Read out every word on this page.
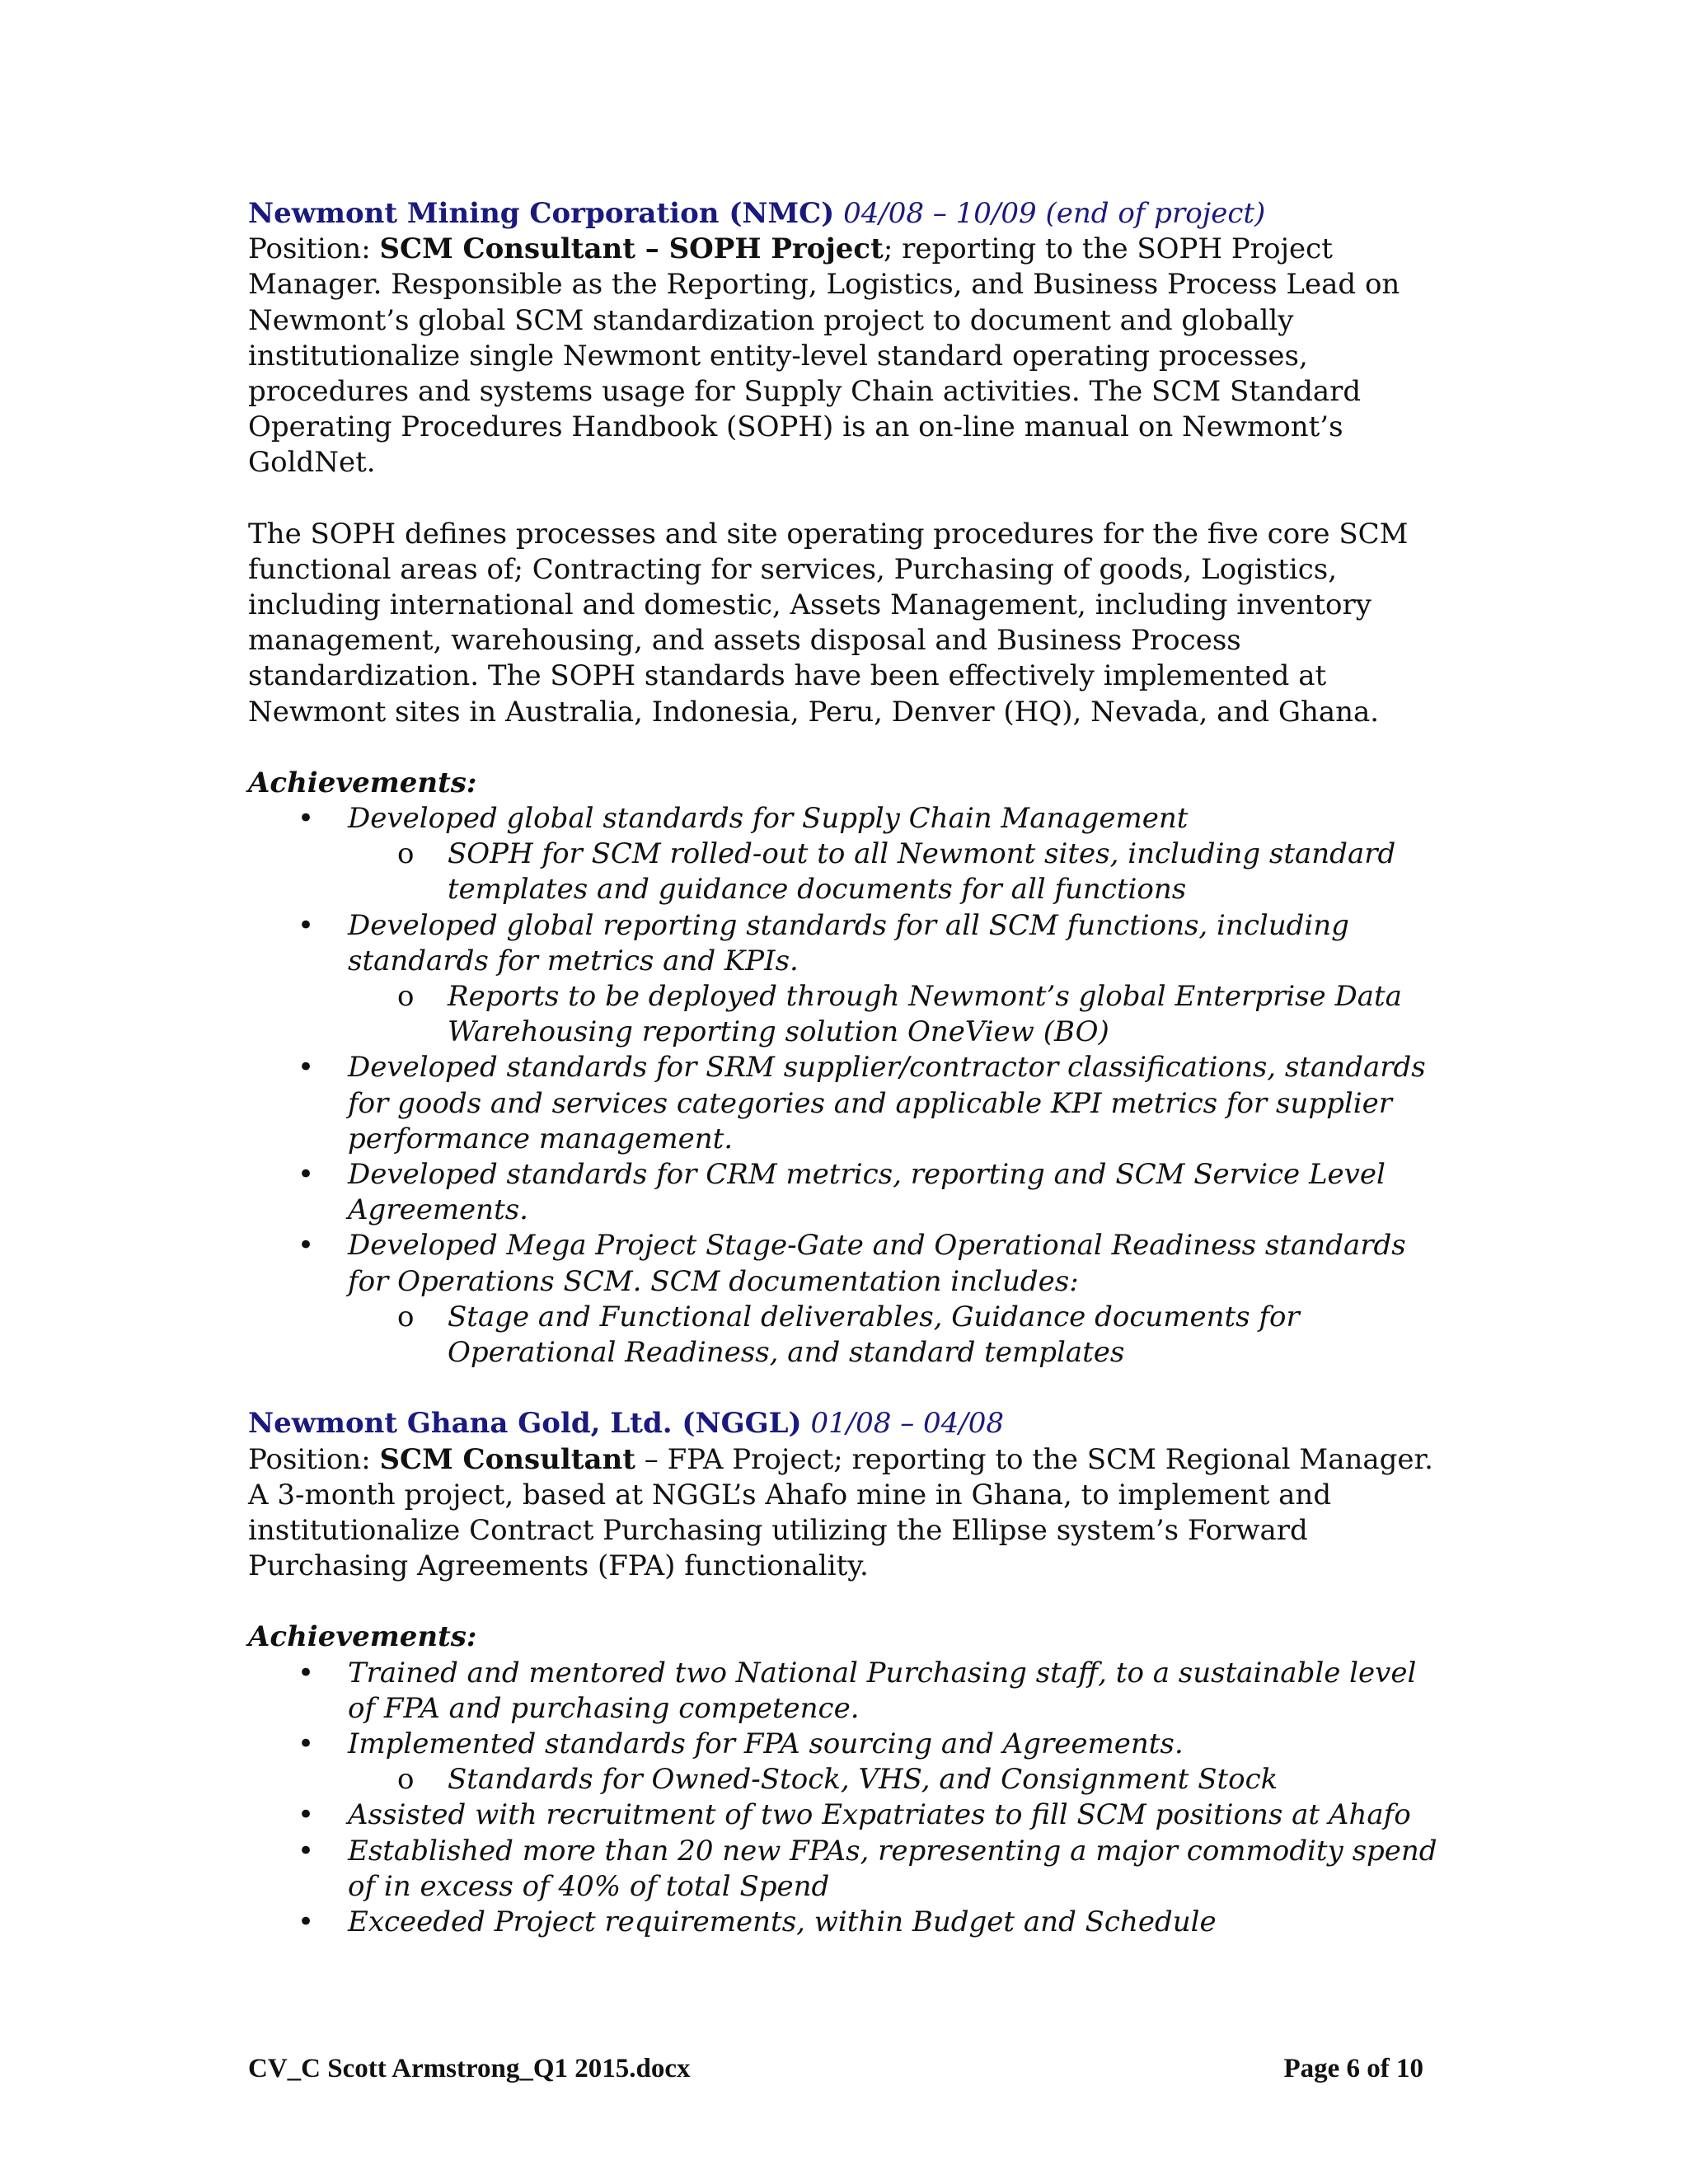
Newmont Mining Corporation (NMC) 04/08 – 10/09 (end of project)

Position: SCM Consultant – SOPH Project; reporting to the SOPH Project Manager. Responsible as the Reporting, Logistics, and Business Process Lead on Newmont’s global SCM standardization project to document and globally institutionalize single Newmont entity-level standard operating processes, procedures and systems usage for Supply Chain activities. The SCM Standard Operating Procedures Handbook (SOPH) is an on-line manual on Newmont’s GoldNet.

The SOPH defines processes and site operating procedures for the five core SCM functional areas of; Contracting for services, Purchasing of goods, Logistics, including international and domestic, Assets Management, including inventory management, warehousing, and assets disposal and Business Process standardization. The SOPH standards have been effectively implemented at Newmont sites in Australia, Indonesia, Peru, Denver (HQ), Nevada, and Ghana.

Achievements:

• Developed global standards for Supply Chain Management
o SOPH for SCM rolled-out to all Newmont sites, including standard templates and guidance documents for all functions
• Developed global reporting standards for all SCM functions, including standards for metrics and KPIs.
o Reports to be deployed through Newmont’s global Enterprise Data Warehousing reporting solution OneView (BO)
• Developed standards for SRM supplier/contractor classifications, standards for goods and services categories and applicable KPI metrics for supplier performance management.
• Developed standards for CRM metrics, reporting and SCM Service Level Agreements.
• Developed Mega Project Stage-Gate and Operational Readiness standards for Operations SCM. SCM documentation includes:
o Stage and Functional deliverables, Guidance documents for Operational Readiness, and standard templates

Newmont Ghana Gold, Ltd. (NGGL) 01/08 – 04/08

Position: SCM Consultant – FPA Project; reporting to the SCM Regional Manager. A 3-month project, based at NGGL’s Ahafo mine in Ghana, to implement and institutionalize Contract Purchasing utilizing the Ellipse system’s Forward Purchasing Agreements (FPA) functionality.

Achievements:

• Trained and mentored two National Purchasing staff, to a sustainable level of FPA and purchasing competence.
• Implemented standards for FPA sourcing and Agreements.
o Standards for Owned-Stock, VHS, and Consignment Stock
• Assisted with recruitment of two Expatriates to fill SCM positions at Ahafo
• Established more than 20 new FPAs, representing a major commodity spend of in excess of 40% of total Spend
• Exceeded Project requirements, within Budget and Schedule
CV_C Scott Armstrong_Q1 2015.docx	Page 6 of 10
